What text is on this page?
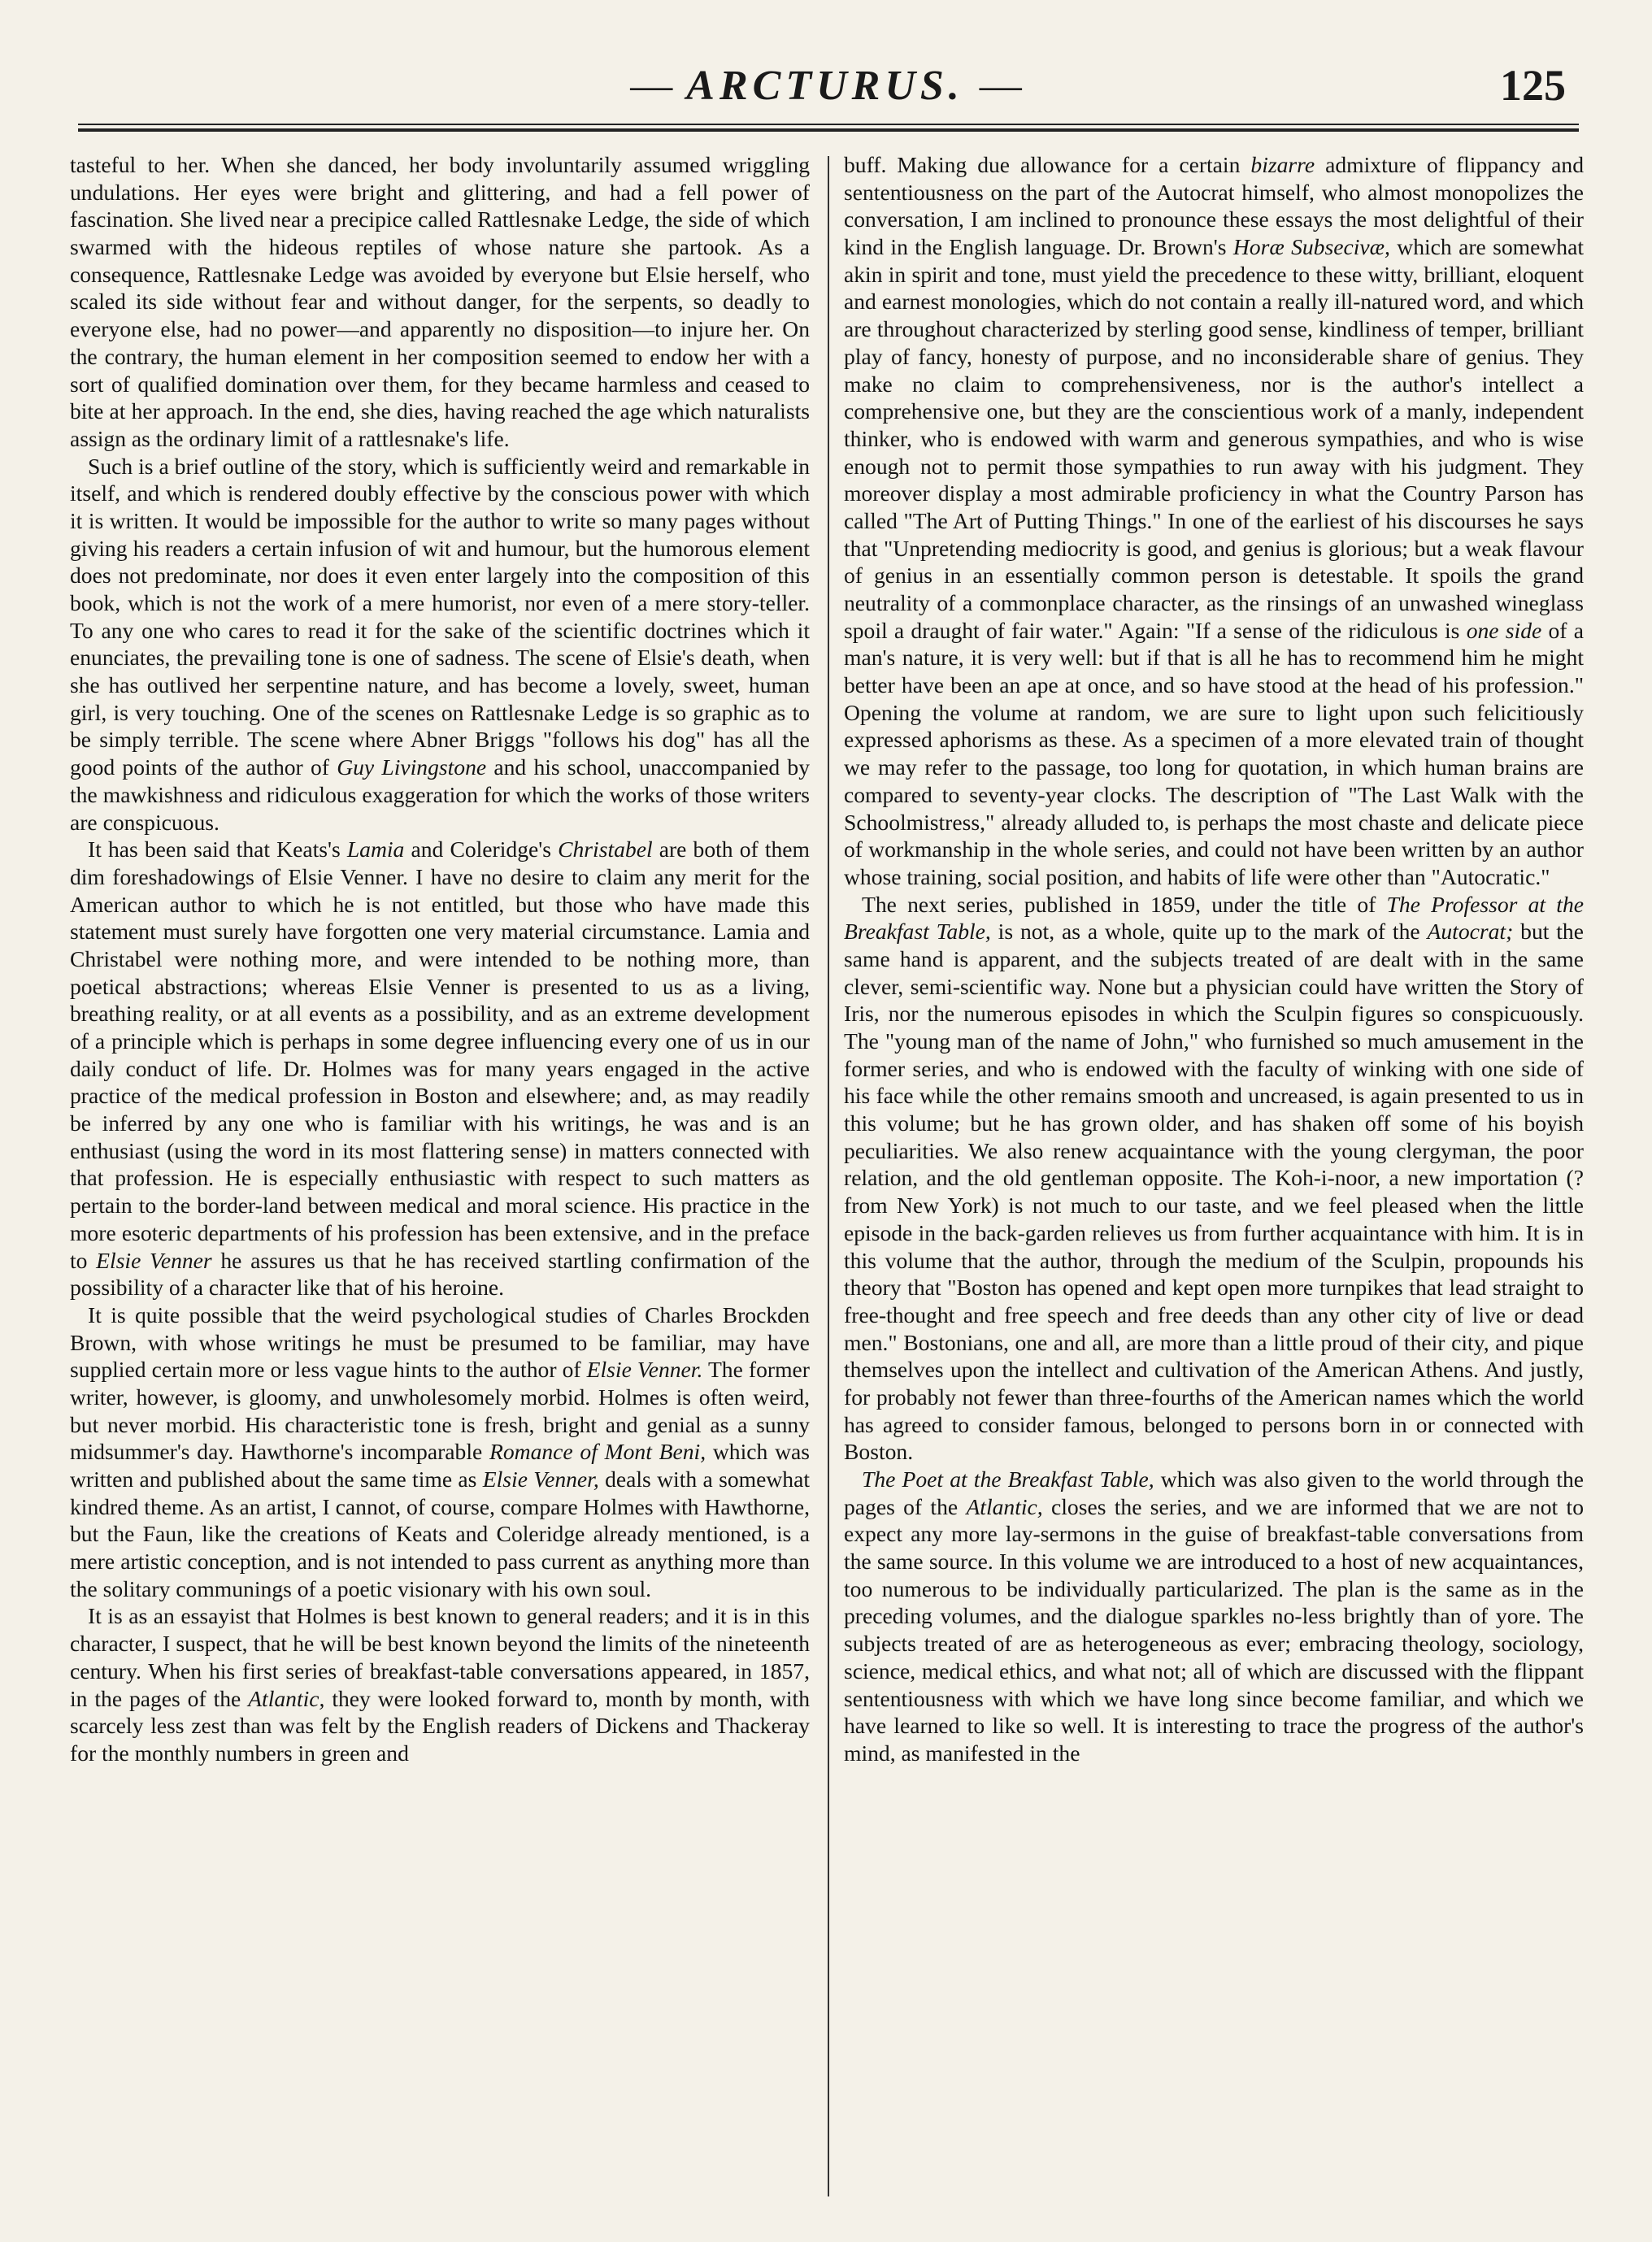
— ARCTURUS. —	125

tasteful to her. When she danced, her body involuntarily assumed wriggling undulations. Her eyes were bright and glittering, and had a fell power of fascination. She lived near a precipice called Rattlesnake Ledge, the side of which swarmed with the hideous reptiles of whose nature she partook. As a consequence, Rattlesnake Ledge was avoided by everyone but Elsie herself, who scaled its side without fear and without danger, for the serpents, so deadly to everyone else, had no power—and apparently no disposition—to injure her. On the contrary, the human element in her composition seemed to endow her with a sort of qualified domination over them, for they became harmless and ceased to bite at her approach. In the end, she dies, having reached the age which naturalists assign as the ordinary limit of a rattlesnake's life.

Such is a brief outline of the story, which is sufficiently weird and remarkable in itself, and which is rendered doubly effective by the conscious power with which it is written. It would be impossible for the author to write so many pages without giving his readers a certain infusion of wit and humour, but the humorous element does not predominate, nor does it even enter largely into the composition of this book, which is not the work of a mere humorist, nor even of a mere story-teller. To any one who cares to read it for the sake of the scientific doctrines which it enunciates, the prevailing tone is one of sadness. The scene of Elsie's death, when she has outlived her serpentine nature, and has become a lovely, sweet, human girl, is very touching. One of the scenes on Rattlesnake Ledge is so graphic as to be simply terrible. The scene where Abner Briggs "follows his dog" has all the good points of the author of Guy Livingstone and his school, unaccompanied by the mawkishness and ridiculous exaggeration for which the works of those writers are conspicuous.

It has been said that Keats's Lamia and Coleridge's Christabel are both of them dim foreshadowings of Elsie Venner. I have no desire to claim any merit for the American author to which he is not entitled, but those who have made this statement must surely have forgotten one very material circumstance. Lamia and Christabel were nothing more, and were intended to be nothing more, than poetical abstractions; whereas Elsie Venner is presented to us as a living, breathing reality, or at all events as a possibility, and as an extreme development of a principle which is perhaps in some degree influencing every one of us in our daily conduct of life. Dr. Holmes was for many years engaged in the active practice of the medical profession in Boston and elsewhere; and, as may readily be inferred by any one who is familiar with his writings, he was and is an enthusiast (using the word in its most flattering sense) in matters connected with that profession. He is especially enthusiastic with respect to such matters as pertain to the border-land between medical and moral science. His practice in the more esoteric departments of his profession has been extensive, and in the preface to Elsie Venner he assures us that he has received startling confirmation of the possibility of a character like that of his heroine.

It is quite possible that the weird psychological studies of Charles Brockden Brown, with whose writings he must be presumed to be familiar, may have supplied certain more or less vague hints to the author of Elsie Venner. The former writer, however, is gloomy, and unwholesomely morbid. Holmes is often weird, but never morbid. His characteristic tone is fresh, bright and genial as a sunny midsummer's day. Hawthorne's incomparable Romance of Mont Beni, which was written and published about the same time as Elsie Venner, deals with a somewhat kindred theme. As an artist, I cannot, of course, compare Holmes with Hawthorne, but the Faun, like the creations of Keats and Coleridge already mentioned, is a mere artistic conception, and is not intended to pass current as anything more than the solitary communings of a poetic visionary with his own soul.

It is as an essayist that Holmes is best known to general readers; and it is in this character, I suspect, that he will be best known beyond the limits of the nineteenth century. When his first series of breakfast-table conversations appeared, in 1857, in the pages of the Atlantic, they were looked forward to, month by month, with scarcely less zest than was felt by the English readers of Dickens and Thackeray for the monthly numbers in green and

buff. Making due allowance for a certain bizarre admixture of flippancy and sententiousness on the part of the Autocrat himself, who almost monopolizes the conversation, I am inclined to pronounce these essays the most delightful of their kind in the English language. Dr. Brown's Horæ Subsecivæ, which are somewhat akin in spirit and tone, must yield the precedence to these witty, brilliant, eloquent and earnest monologies, which do not contain a really ill-natured word, and which are throughout characterized by sterling good sense, kindliness of temper, brilliant play of fancy, honesty of purpose, and no inconsiderable share of genius. They make no claim to comprehensiveness, nor is the author's intellect a comprehensive one, but they are the conscientious work of a manly, independent thinker, who is endowed with warm and generous sympathies, and who is wise enough not to permit those sympathies to run away with his judgment. They moreover display a most admirable proficiency in what the Country Parson has called "The Art of Putting Things." In one of the earliest of his discourses he says that "Unpretending mediocrity is good, and genius is glorious; but a weak flavour of genius in an essentially common person is detestable. It spoils the grand neutrality of a commonplace character, as the rinsings of an unwashed wineglass spoil a draught of fair water." Again: "If a sense of the ridiculous is one side of a man's nature, it is very well: but if that is all he has to recommend him he might better have been an ape at once, and so have stood at the head of his profession." Opening the volume at random, we are sure to light upon such felicitiously expressed aphorisms as these. As a specimen of a more elevated train of thought we may refer to the passage, too long for quotation, in which human brains are compared to seventy-year clocks. The description of "The Last Walk with the Schoolmistress," already alluded to, is perhaps the most chaste and delicate piece of workmanship in the whole series, and could not have been written by an author whose training, social position, and habits of life were other than "Autocratic."

The next series, published in 1859, under the title of The Professor at the Breakfast Table, is not, as a whole, quite up to the mark of the Autocrat; but the same hand is apparent, and the subjects treated of are dealt with in the same clever, semi-scientific way. None but a physician could have written the Story of Iris, nor the numerous episodes in which the Sculpin figures so conspicuously. The "young man of the name of John," who furnished so much amusement in the former series, and who is endowed with the faculty of winking with one side of his face while the other remains smooth and uncreased, is again presented to us in this volume; but he has grown older, and has shaken off some of his boyish peculiarities. We also renew acquaintance with the young clergyman, the poor relation, and the old gentleman opposite. The Koh-i-noor, a new importation (? from New York) is not much to our taste, and we feel pleased when the little episode in the back-garden relieves us from further acquaintance with him. It is in this volume that the author, through the medium of the Sculpin, propounds his theory that "Boston has opened and kept open more turnpikes that lead straight to free-thought and free speech and free deeds than any other city of live or dead men." Bostonians, one and all, are more than a little proud of their city, and pique themselves upon the intellect and cultivation of the American Athens. And justly, for probably not fewer than three-fourths of the American names which the world has agreed to consider famous, belonged to persons born in or connected with Boston.

The Poet at the Breakfast Table, which was also given to the world through the pages of the Atlantic, closes the series, and we are informed that we are not to expect any more lay-sermons in the guise of breakfast-table conversations from the same source. In this volume we are introduced to a host of new acquaintances, too numerous to be individually particularized. The plan is the same as in the preceding volumes, and the dialogue sparkles no-less brightly than of yore. The subjects treated of are as heterogeneous as ever; embracing theology, sociology, science, medical ethics, and what not; all of which are discussed with the flippant sententiousness with which we have long since become familiar, and which we have learned to like so well. It is interesting to trace the progress of the author's mind, as manifested in the
